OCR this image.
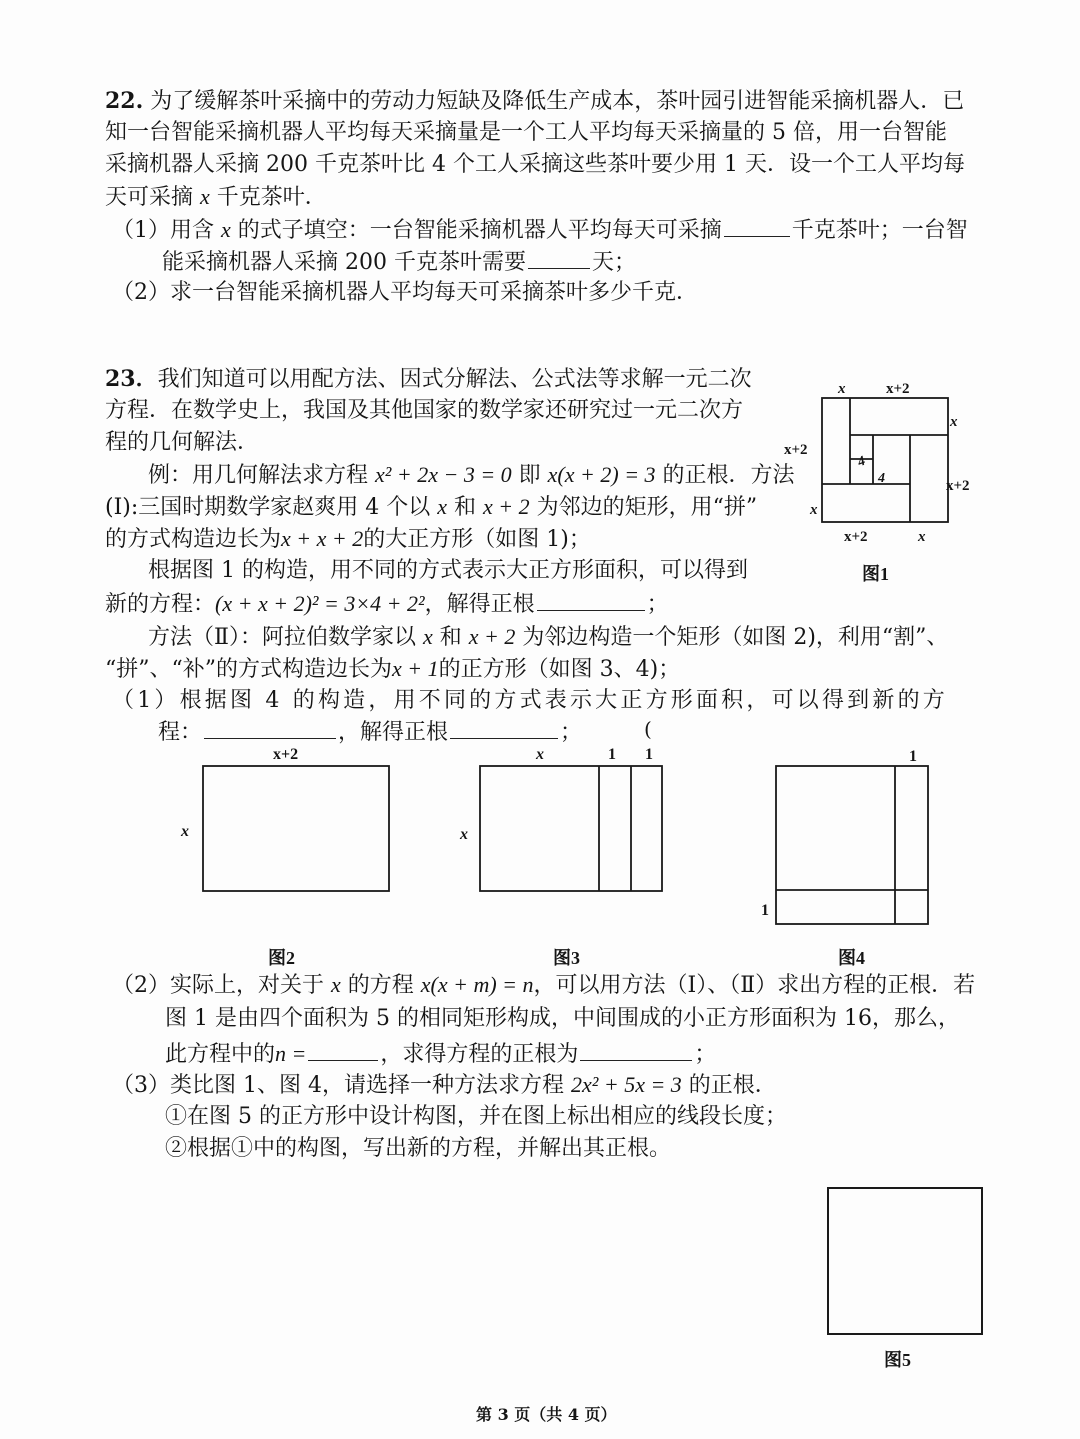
22. 为了缓解茶叶采摘中的劳动力短缺及降低生产成本，茶叶园引进智能采摘机器人．已
知一台智能采摘机器人平均每天采摘量是一个工人平均每天采摘量的 5 倍，用一台智能
采摘机器人采摘 200 千克茶叶比 4 个工人采摘这些茶叶要少用 1 天．设一个工人平均每
天可采摘 x 千克茶叶．
（1）用含 x 的式子填空：一台智能采摘机器人平均每天可采摘	千克茶叶；一台智
能采摘机器人采摘 200 千克茶叶需要	天；
（2）求一台智能采摘机器人平均每天可采摘茶叶多少千克．
23．我们知道可以用配方法、因式分解法、公式法等求解一元二次
方程．在数学史上，我国及其他国家的数学家还研究过一元二次方
程的几何解法．
例：用几何解法求方程 x² + 2x − 3 = 0 即 x(x + 2) = 3 的正根．方法
(I):三国时期数学家赵爽用 4 个以 x 和 x + 2 为邻边的矩形，用“拼”
的方式构造边长为x + x + 2的大正方形（如图 1)；
根据图 1 的构造，用不同的方式表示大正方形面积，可以得到
新的方程：(x + x + 2)² = 3×4 + 2²，解得正根	；
方法（Ⅱ）：阿拉伯数学家以 x 和 x + 2 为邻边构造一个矩形（如图 2)，利用“割”、
“拼”、“补”的方式构造边长为x + 1的正方形（如图 3、4)；
（1）根据图 4 的构造，用不同的方式表示大正方形面积，可以得到新的方
程：	，解得正根	；	(
x	x+2
x
x+2
x+2	x
x+2
x
4
4
图1
x+2
x
图2
x	1 1
x
图3
1
1
图4
（2）实际上，对关于 x 的方程 x(x + m) = n，可以用方法（I）、（Ⅱ）求出方程的正根．若
图 1 是由四个面积为 5 的相同矩形构成，中间围成的小正方形面积为 16，那么，
此方程中的n =	，求得方程的正根为	；
（3）类比图 1、图 4，请选择一种方法求方程 2x² + 5x = 3 的正根．
①在图 5 的正方形中设计构图，并在图上标出相应的线段长度；
②根据①中的构图，写出新的方程，并解出其正根。
图5
第 3 页（共 4 页）
